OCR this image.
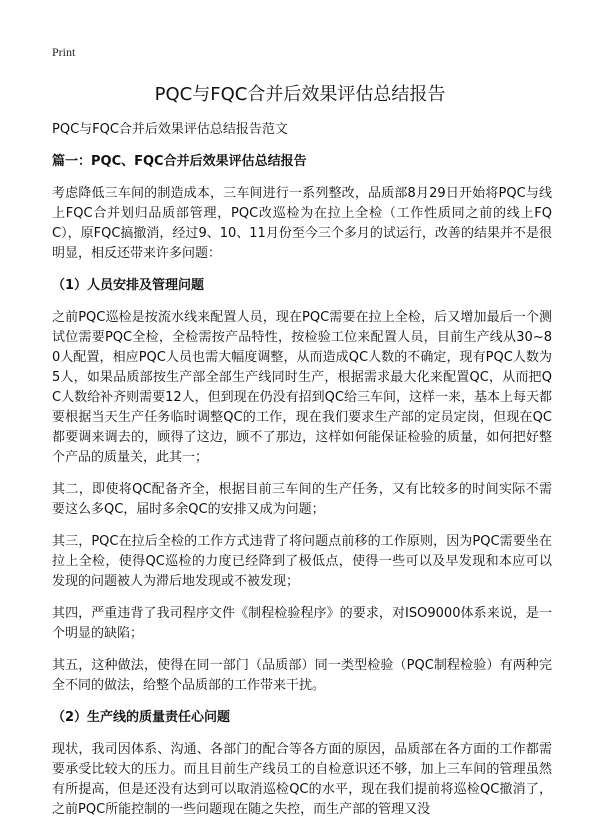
Print
PQC与FQC合并后效果评估总结报告

PQC与FQC合并后效果评估总结报告范文

篇一：PQC、FQC合并后效果评估总结报告

考虑降低三车间的制造成本，三车间进行一系列整改，品质部8月29日开始将PQC与线上FQC合并划归品质部管理，PQC改巡检为在拉上全检（工作性质同之前的线上FQC），原FQC搞撤消，经过9、10、11月份至今三个多月的试运行，改善的结果并不是很明显，相反还带来许多问题：

（1）人员安排及管理问题

之前PQC巡检是按流水线来配置人员，现在PQC需要在拉上全检，后又增加最后一个测试位需要PQC全检，全检需按产品特性，按检验工位来配置人员，目前生产线从30~80人配置，相应PQC人员也需大幅度调整，从而造成QC人数的不确定，现有PQC人数为5人，如果品质部按生产部全部生产线同时生产，根据需求最大化来配置QC，从而把QC人数给补齐则需要12人，但到现在仍没有招到QC给三车间，这样一来，基本上每天都要根据当天生产任务临时调整QC的工作，现在我们要求生产部的定员定岗，但现在QC都要调来调去的，顾得了这边，顾不了那边，这样如何能保证检验的质量，如何把好整个产品的质量关，此其一；

其二，即使将QC配备齐全，根据目前三车间的生产任务，又有比较多的时间实际不需要这么多QC，届时多余QC的安排又成为问题；

其三，PQC在拉后全检的工作方式违背了将问题点前移的工作原则，因为PQC需要坐在拉上全检，使得QC巡检的力度已经降到了极低点，使得一些可以及早发现和本应可以发现的问题被人为滞后地发现或不被发现；

其四，严重违背了我司程序文件《制程检验程序》的要求，对ISO9000体系来说，是一个明显的缺陷；

其五，这种做法，使得在同一部门（品质部）同一类型检验（PQC制程检验）有两种完全不同的做法，给整个品质部的工作带来干扰。

（2）生产线的质量责任心问题

现状，我司因体系、沟通、各部门的配合等各方面的原因，品质部在各方面的工作都需要承受比较大的压力。而且目前生产线员工的自检意识还不够，加上三车间的管理虽然有所提高，但是还没有达到可以取消巡检QC的水平，现在我们提前将巡检QC撤消了，之前PQC所能控制的一些问题现在随之失控，而生产部的管理又没
